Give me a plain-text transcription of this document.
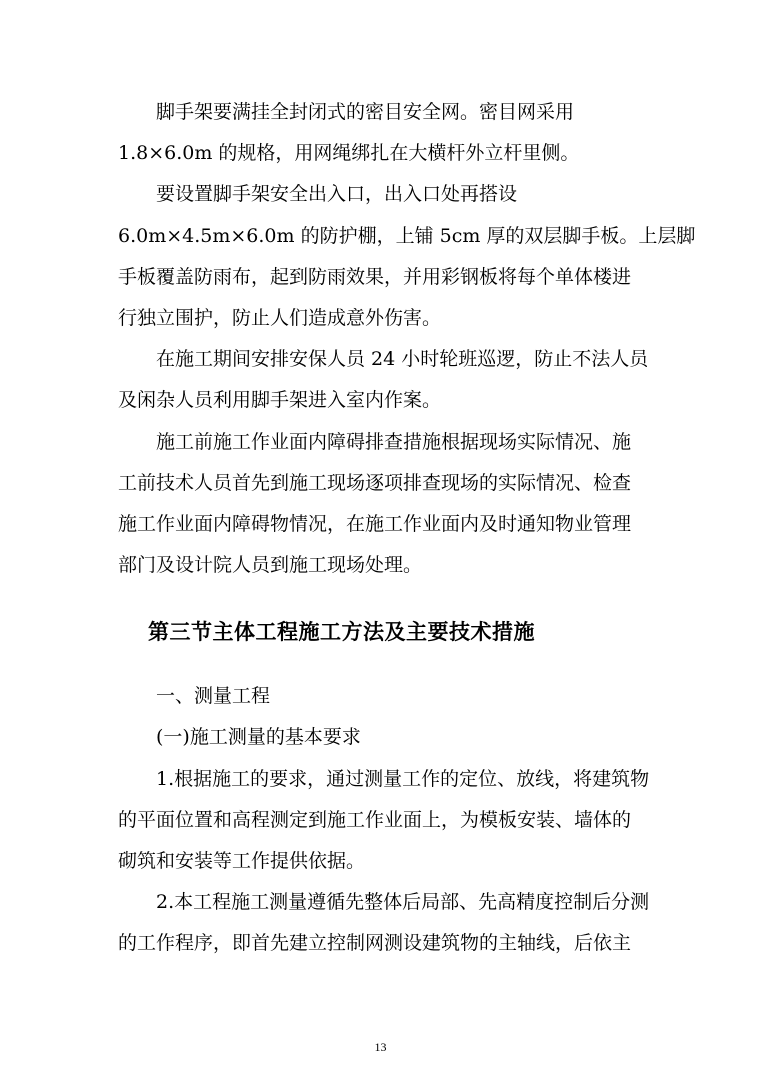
脚手架要满挂全封闭式的密目安全网。密目网采用
1.8×6.0m 的规格，用网绳绑扎在大横杆外立杆里侧。
要设置脚手架安全出入口，出入口处再搭设
6.0m×4.5m×6.0m 的防护棚，上铺 5cm 厚的双层脚手板。上层脚
手板覆盖防雨布，起到防雨效果，并用彩钢板将每个单体楼进
行独立围护，防止人们造成意外伤害。
在施工期间安排安保人员 24 小时轮班巡逻，防止不法人员
及闲杂人员利用脚手架进入室内作案。
施工前施工作业面内障碍排查措施根据现场实际情况、施
工前技术人员首先到施工现场逐项排查现场的实际情况、检查
施工作业面内障碍物情况，在施工作业面内及时通知物业管理
部门及设计院人员到施工现场处理。
第三节主体工程施工方法及主要技术措施
一、测量工程
(一)施工测量的基本要求
1.根据施工的要求，通过测量工作的定位、放线，将建筑物
的平面位置和高程测定到施工作业面上，为模板安装、墙体的
砌筑和安装等工作提供依据。
2.本工程施工测量遵循先整体后局部、先高精度控制后分测
的工作程序，即首先建立控制网测设建筑物的主轴线，后依主
13
